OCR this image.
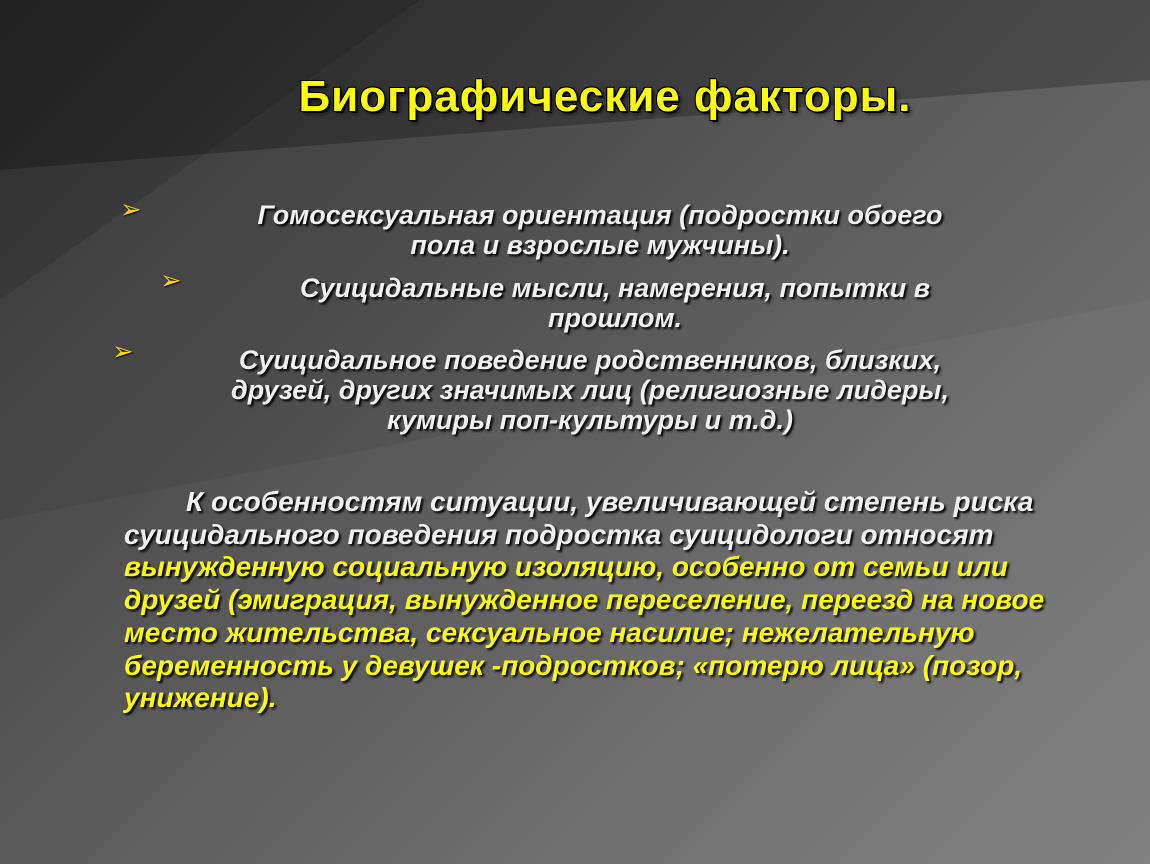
Биографические факторы.
➢	Гомосексуальная ориентация (подростки обоего
пола и взрослые мужчины).
➢	Суицидальные мысли, намерения, попытки в
прошлом.
➢	Суицидальное поведение родственников, близких,
друзей, других значимых лиц (религиозные лидеры,
кумиры поп-культуры и т.д.)
К особенностям ситуации, увеличивающей степень риска суицидального поведения подростка суицидологи относят вынужденную социальную изоляцию, особенно от семьи или друзей (эмиграция, вынужденное переселение, переезд на новое место жительства, сексуальное насилие; нежелательную беременность у девушек -подростков; «потерю лица» (позор, унижение).
